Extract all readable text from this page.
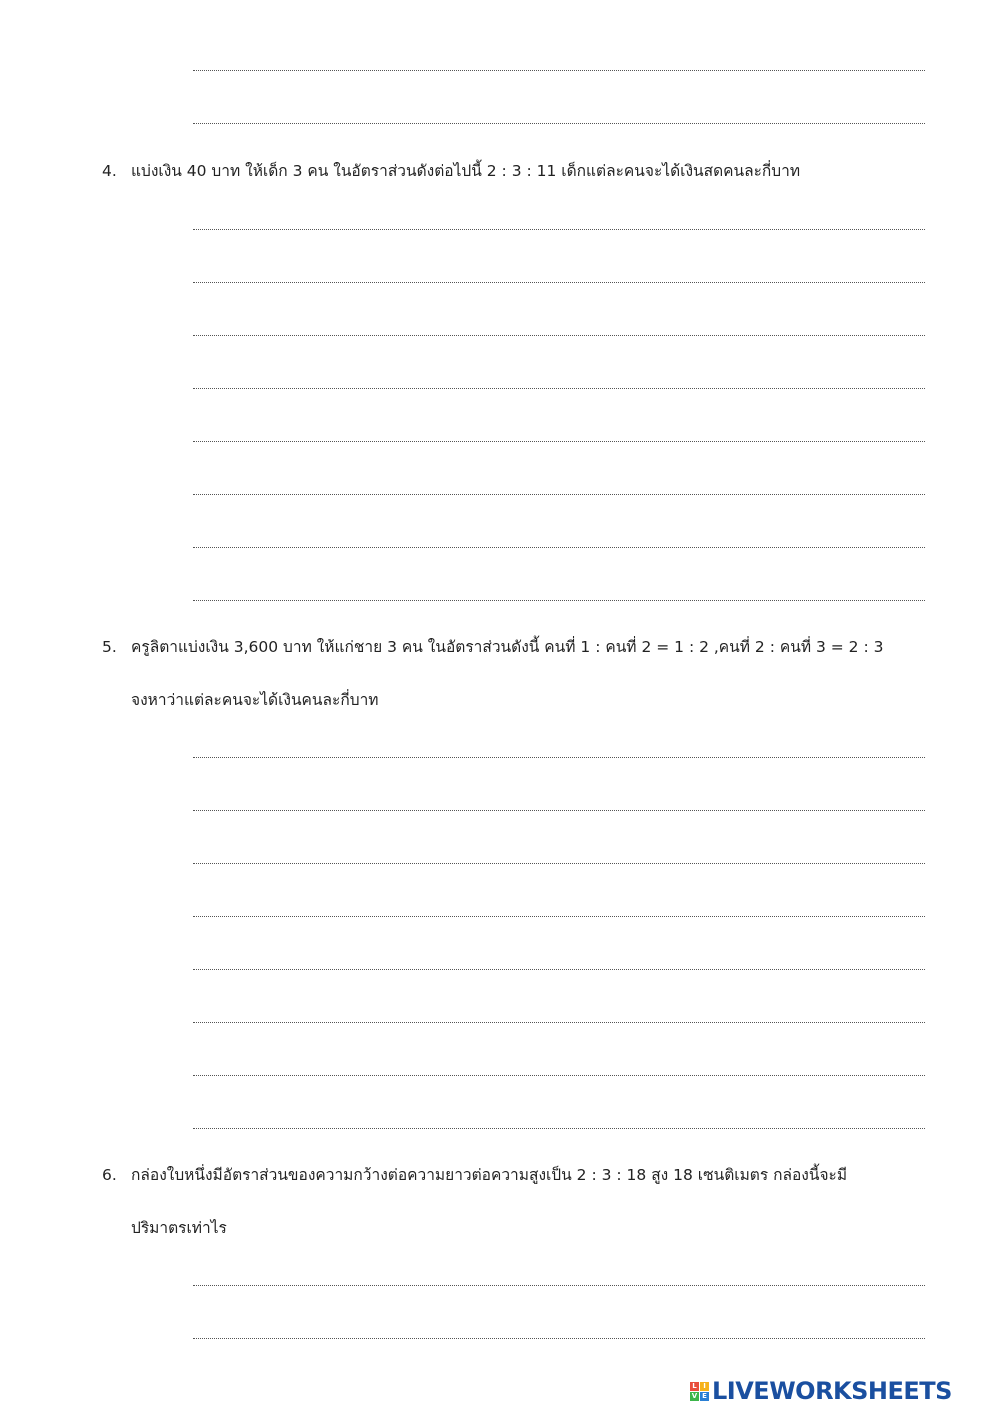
4. แบ่งเงิน 40 บาท ให้เด็ก 3 คน ในอัตราส่วนดังต่อไปนี้ 2 : 3 : 11 เด็กแต่ละคนจะได้เงินสดคนละกี่บาท
5. ครูลิตาแบ่งเงิน 3,600 บาท ให้แก่ชาย 3 คน ในอัตราส่วนดังนี้ คนที่ 1 : คนที่ 2 = 1 : 2 ,คนที่ 2 : คนที่ 3 = 2 : 3
จงหาว่าแต่ละคนจะได้เงินคนละกี่บาท
6. กล่องใบหนึ่งมีอัตราส่วนของความกว้างต่อความยาวต่อความสูงเป็น 2 : 3 : 18 สูง 18 เซนติเมตร กล่องนี้จะมี
ปริมาตรเท่าไร
L I
V E LIVEWORKSHEETS
